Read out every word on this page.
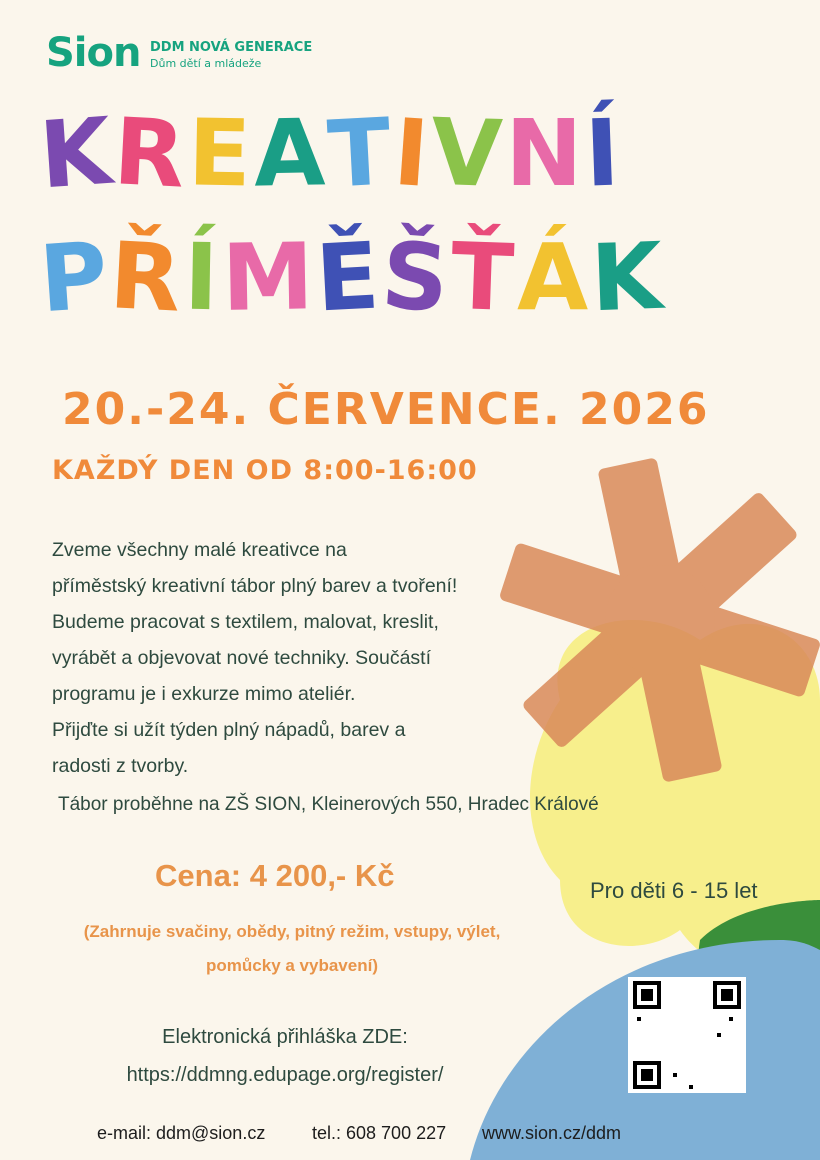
Sion DDM NOVÁ GENERACE
Dům dětí a mládeže
KREATIVNÍ
PŘÍMĚŠŤÁK
20.-24. ČERVENCE. 2026
KAŽDÝ DEN OD 8:00-16:00
Zveme všechny malé kreativce na
příměstský kreativní tábor plný barev a tvoření!
Budeme pracovat s textilem, malovat, kreslit,
vyrábět a objevovat nové techniky. Součástí
programu je i exkurze mimo ateliér.
Přijďte si užít týden plný nápadů, barev a
radosti z tvorby.
Tábor proběhne na ZŠ SION, Kleinerových 550, Hradec Králové
Cena: 4 200,- Kč
(Zahrnuje svačiny, obědy, pitný režim, vstupy, výlet,
pomůcky a vybavení)
Pro děti 6 - 15 let
Elektronická přihláška ZDE:
https://ddmng.edupage.org/register/
e-mail: ddm@sion.cz	tel.: 608 700 227 www.sion.cz/ddm
